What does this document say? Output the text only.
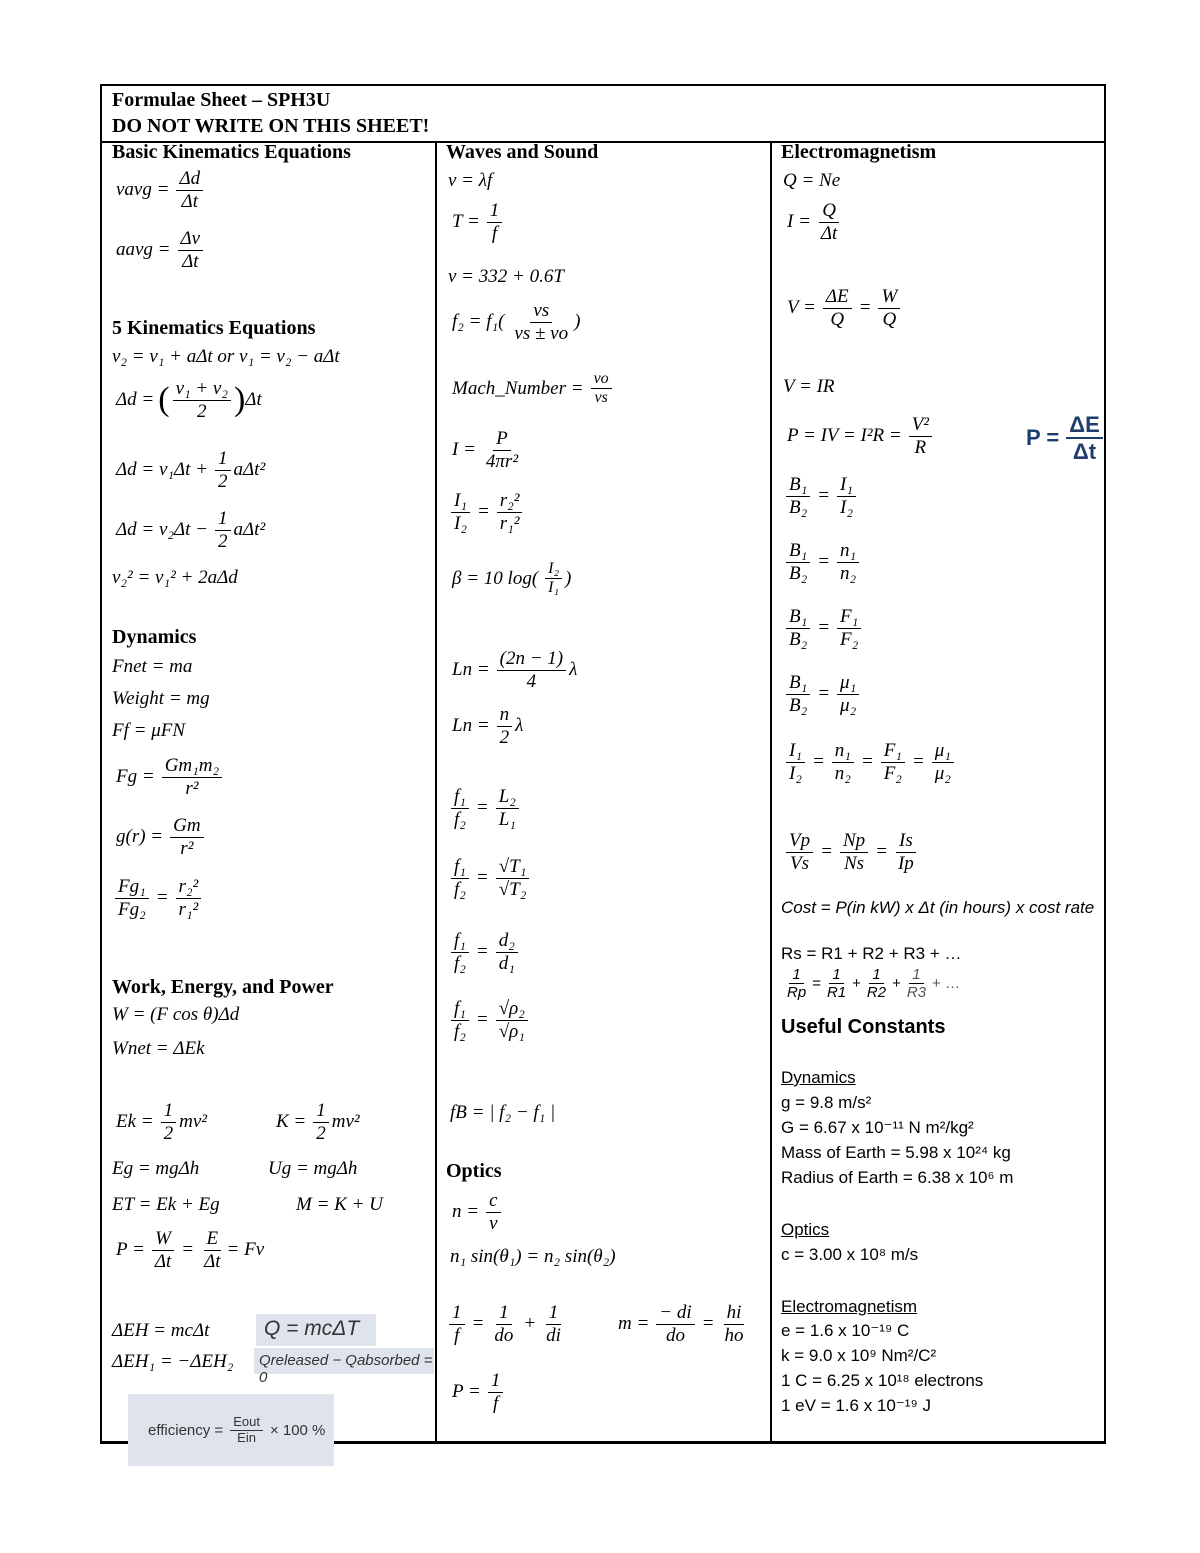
Formulae Sheet – SPH3U
DO NOT WRITE ON THIS SHEET!
Basic Kinematics Equations
vavg = $\frac{\Delta d}{\Delta t}$
aavg = $\frac{\Delta v}{\Delta t}$
5 Kinematics Equations
v₂ = v₁ + aΔt or v₁ = v₂ − aΔt
Δd = ( v₁ + v₂
2 ) Δt
$\Delta d = v_1\Delta t + \frac{1}{2} a\Delta t^2$
$\Delta d = v_2\Delta t - \frac{1}{2} a\Delta t^2$
v₂² = v₁² + 2aΔd
Dynamics
Fnet = ma
Weight = mg
Ff = μFN
$Fg = \frac{\text{Gm₁m₂}}{\text{r²}}$
$g(r) = \frac{Gm}{\text{r²}}$
$\frac{\text{Fg₁}}{\text{Fg₂}} = \frac{\text{r₂²}}{\text{r₁²}}$
Work, Energy, and Power
W = (F cos θ)Δd
Wnet = ΔEk
$Ek = \frac{1}{2} mv^2$	$K = \frac{1}{2} mv^2$
Eg = mgΔh	Ug = mgΔh
ET = Ek + Eg	M = K + U
$P = \frac{W}{\Delta t} = \frac{E}{\Delta t} = Fv$
ΔEH = mcΔt
ΔEH₁ = −ΔEH₂
Q = mcΔT
Qreleased − Qabsorbed = 0
efficiency =
Eout
Ein × 100 %
Waves and Sound
v = λf
$T = \frac{1}{f}$
v = 332 + 0.6T
f₂ = f₁(
vs
vs ± vo
)
Mach_Number = $\frac{vo}{vs}$
$I = \frac{P}{\text{4πr²}}$
$\frac{\text{I₁}}{\text{I₂}} = \frac{\text{r₂²}}{\text{r₁²}}$
β = 10 log( I₂
I₁ )
$Ln = \frac{(2n - 1)}{4}$ λ
$Ln = \frac{n}{2}$ λ
$\frac{\text{f₁}}{\text{f₂}} = \frac{\text{L₂}}{\text{L₁}}$
$\frac{\text{f₁}}{\text{f₂}} = \frac{\text{√T₁}}{\text{√T₂}}$
$\frac{\text{f₁}}{\text{f₂}} = \frac{\text{d₂}}{\text{d₁}}$
$\frac{\text{f₁}}{\text{f₂}} = \frac{\text{√ρ₂}}{\text{√ρ₁}}$
fB = | f₂ − f₁ |
Optics
$n = \frac{c}{v}$
n₁ sin(θ₁) = n₂ sin(θ₂)
$\frac{1}{f} = \frac{1}{do} + \frac{1}{di}$	$m = \frac{- di}{do} = \frac{hi}{ho}$
$P = \frac{1}{f}$
Electromagnetism
Q = Ne
$I = \frac{Q}{\Delta t}$
$V = \frac{\Delta E}{Q} = \frac{W}{Q}$
V = IR
P = IV = $I^2R = \frac{\text{V²}}{R}$	$P = \frac{\Delta E}{\Delta t}$
$\frac{\text{B₁}}{\text{B₂}} = \frac{\text{I₁}}{\text{I₂}}$
$\frac{\text{B₁}}{\text{B₂}} = \frac{\text{n₁}}{\text{n₂}}$
$\frac{\text{B₁}}{\text{B₂}} = \frac{\text{F₁}}{\text{F₂}}$
$\frac{\text{B₁}}{\text{B₂}} = \frac{\text{μ₁}}{\text{μ₂}}$
$\frac{\text{I₁}}{\text{I₂}} = \frac{\text{n₁}}{\text{n₂}} = \frac{\text{F₁}}{\text{F₂}} = \frac{\text{μ₁}}{\text{μ₂}}$
$\frac{Vp}{Vs} = \frac{Np}{Ns} = \frac{Is}{Ip}$
Cost = P(in kW) x Δt (in hours) x cost rate
Rs = R1 + R2 + R3 + …
$\frac{1}{Rp} = \frac{1}{R1} + \frac{1}{R2} + \frac{1}{R3}$ + …
Useful Constants
Dynamics
g = 9.8 m/s²
G = 6.67 x 10⁻¹¹ N m²/kg²
Mass of Earth = 5.98 x 10²⁴ kg
Radius of Earth = 6.38 x 10⁶ m
Optics
c = 3.00 x 10⁸ m/s
Electromagnetism
e = 1.6 x 10⁻¹⁹ C
k = 9.0 x 10⁹ Nm²/C²
1 C = 6.25 x 10¹⁸ electrons
1 eV = 1.6 x 10⁻¹⁹ J
